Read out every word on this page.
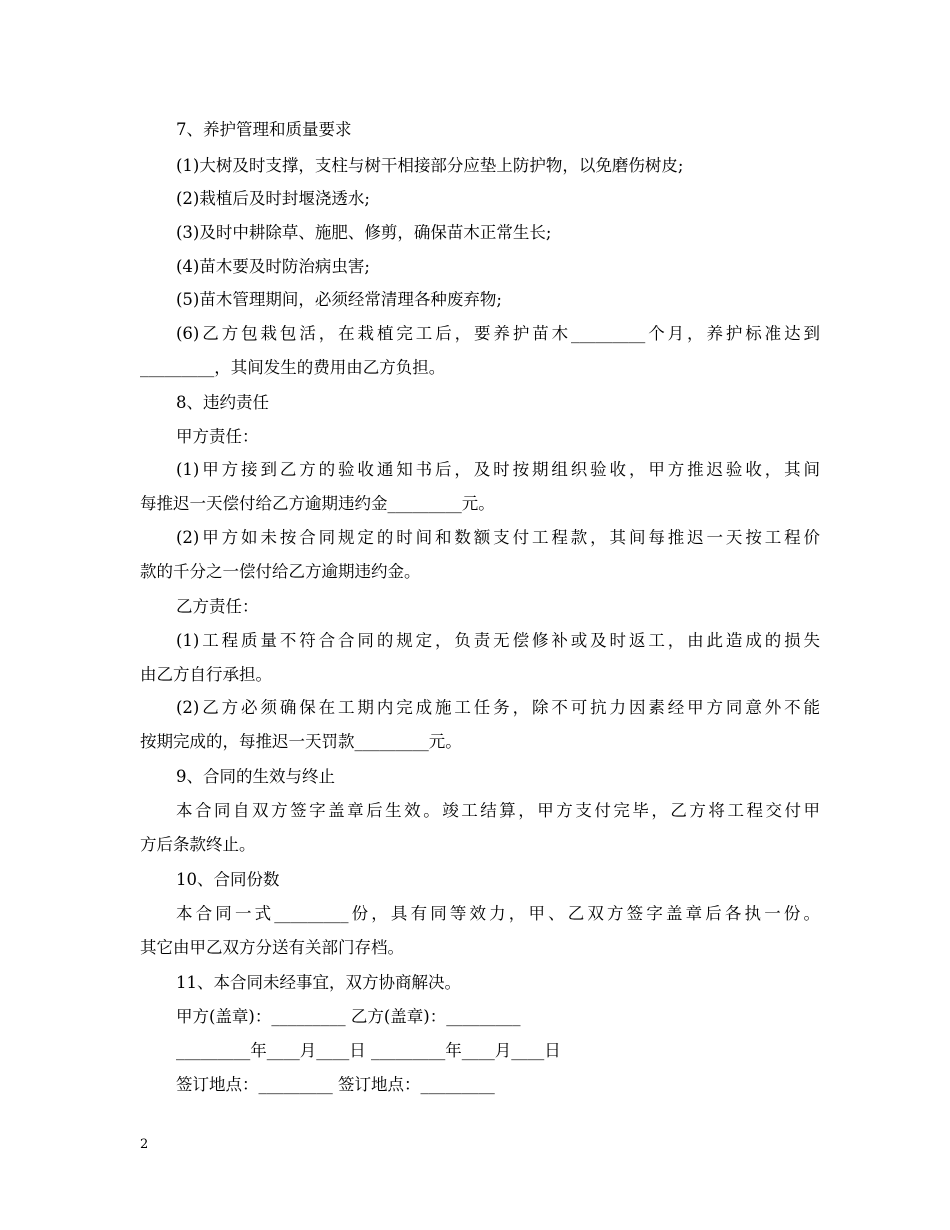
7、养护管理和质量要求
(1)大树及时支撑，支柱与树干相接部分应垫上防护物，以免磨伤树皮;
(2)栽植后及时封堰浇透水;
(3)及时中耕除草、施肥、修剪，确保苗木正常生长;
(4)苗木要及时防治病虫害;
(5)苗木管理期间，必须经常清理各种废弃物;
(6)乙方包栽包活，在栽植完工后，要养护苗木_________个月，养护标准达到
_________，其间发生的费用由乙方负担。
8、违约责任
甲方责任：
(1)甲方接到乙方的验收通知书后，及时按期组织验收，甲方推迟验收，其间
每推迟一天偿付给乙方逾期违约金_________元。
(2)甲方如未按合同规定的时间和数额支付工程款，其间每推迟一天按工程价
款的千分之一偿付给乙方逾期违约金。
乙方责任：
(1)工程质量不符合合同的规定，负责无偿修补或及时返工，由此造成的损失
由乙方自行承担。
(2)乙方必须确保在工期内完成施工任务，除不可抗力因素经甲方同意外不能
按期完成的，每推迟一天罚款_________元。
9、合同的生效与终止
本合同自双方签字盖章后生效。竣工结算，甲方支付完毕，乙方将工程交付甲
方后条款终止。
10、合同份数
本合同一式_________份，具有同等效力，甲、乙双方签字盖章后各执一份。
其它由甲乙双方分送有关部门存档。
11、本合同未经事宜，双方协商解决。
甲方(盖章)：_________ 乙方(盖章)：_________
_________年____月____日 _________年____月____日
签订地点：_________ 签订地点：_________
2
